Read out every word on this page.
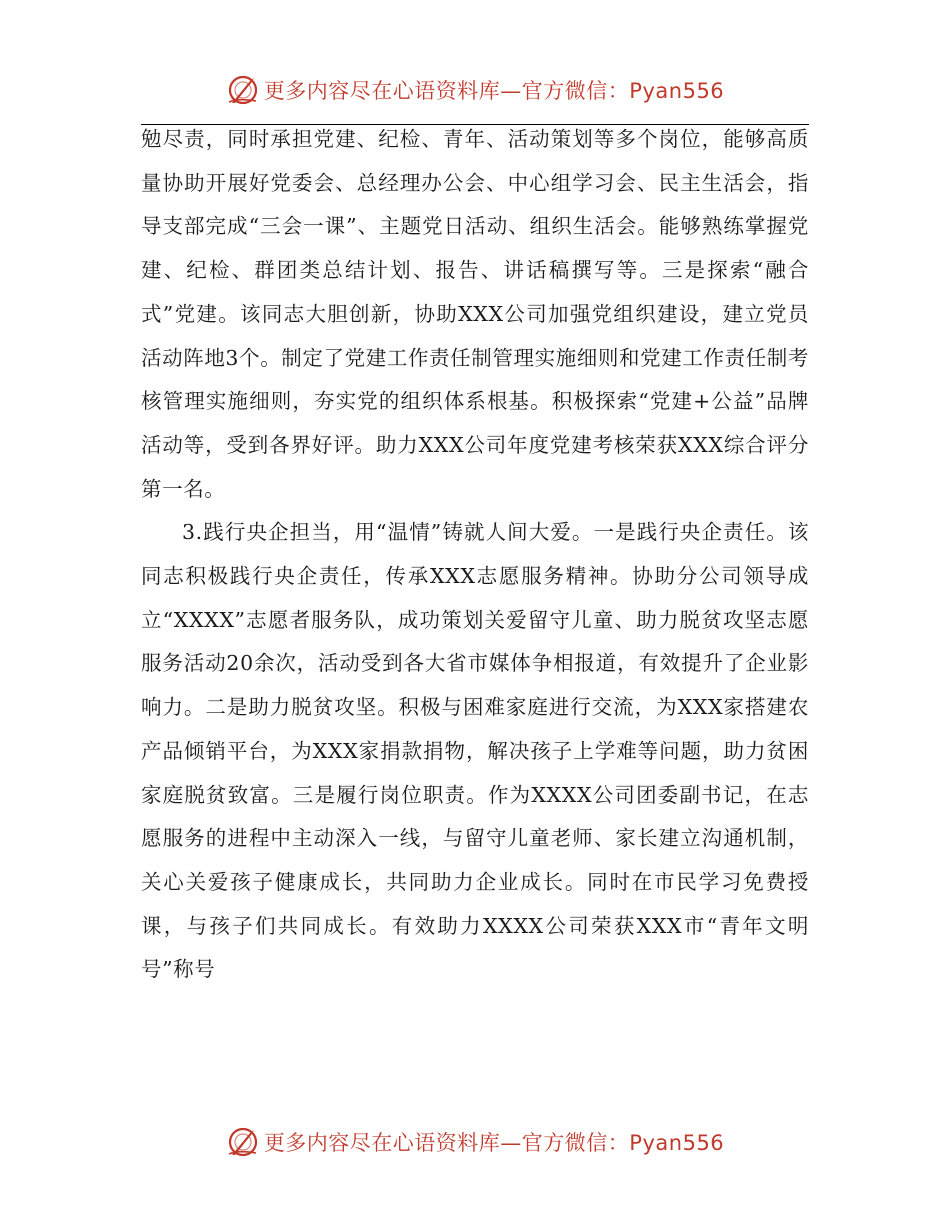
更多内容尽在心语资料库—官方微信：Pyan556

勉尽责，同时承担党建、纪检、青年、活动策划等多个岗位，能够高质量协助开展好党委会、总经理办公会、中心组学习会、民主生活会，指导支部完成“三会一课”、主题党日活动、组织生活会。能够熟练掌握党建、纪检、群团类总结计划、报告、讲话稿撰写等。三是探索“融合式”党建。该同志大胆创新，协助XXX公司加强党组织建设，建立党员活动阵地3个。制定了党建工作责任制管理实施细则和党建工作责任制考核管理实施细则，夯实党的组织体系根基。积极探索“党建+公益”品牌活动等，受到各界好评。助力XXX公司年度党建考核荣获XXX综合评分第一名。

3.践行央企担当，用“温情”铸就人间大爱。一是践行央企责任。该同志积极践行央企责任，传承XXX志愿服务精神。协助分公司领导成立“XXXX”志愿者服务队，成功策划关爱留守儿童、助力脱贫攻坚志愿服务活动20余次，活动受到各大省市媒体争相报道，有效提升了企业影响力。二是助力脱贫攻坚。积极与困难家庭进行交流，为XXX家搭建农产品倾销平台，为XXX家捐款捐物，解决孩子上学难等问题，助力贫困家庭脱贫致富。三是履行岗位职责。作为XXXX公司团委副书记，在志愿服务的进程中主动深入一线，与留守儿童老师、家长建立沟通机制，关心关爱孩子健康成长，共同助力企业成长。同时在市民学习免费授课，与孩子们共同成长。有效助力XXXX公司荣获XXX市“青年文明号”称号

更多内容尽在心语资料库—官方微信：Pyan556
